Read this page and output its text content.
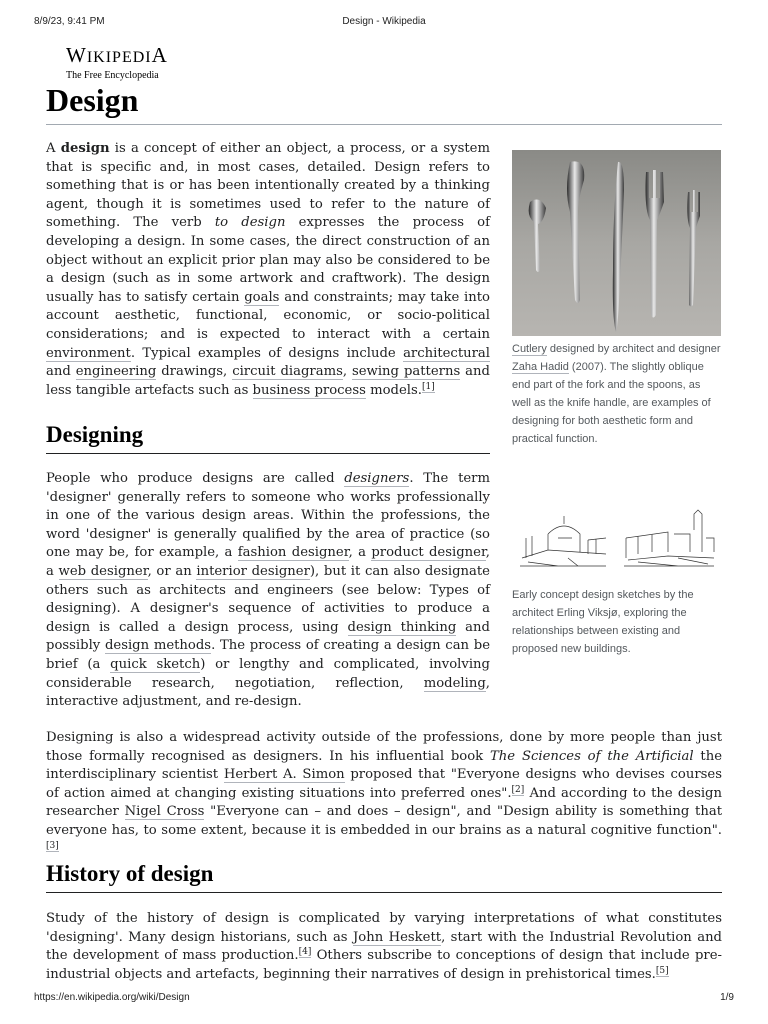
8/9/23, 9:41 PM	Design - Wikipedia
https://en.wikipedia.org/wiki/Design	1/9
WIKIPEDIA
The Free Encyclopedia
Design

A design is a concept of either an object, a process, or a system that is specific and, in most cases, detailed. Design refers to something that is or has been intentionally created by a thinking agent, though it is sometimes used to refer to the nature of something. The verb to design expresses the process of developing a design. In some cases, the direct construction of an object without an explicit prior plan may also be considered to be a design (such as in some artwork and craftwork). The design usually has to satisfy certain goals and constraints; may take into account aesthetic, functional, economic, or socio-political considerations; and is expected to interact with a certain environment. Typical examples of designs include architectural and engineering drawings, circuit diagrams, sewing patterns and less tangible artefacts such as business process models.[1]

Cutlery designed by architect and designer Zaha Hadid (2007). The slightly oblique end part of the fork and the spoons, as well as the knife handle, are examples of designing for both aesthetic form and practical function.
Designing

People who produce designs are called designers. The term 'designer' generally refers to someone who works professionally in one of the various design areas. Within the professions, the word 'designer' is generally qualified by the area of practice (so one may be, for example, a fashion designer, a product designer, a web designer, or an interior designer), but it can also designate others such as architects and engineers (see below: Types of designing). A designer's sequence of activities to produce a design is called a design process, using design thinking and possibly design methods. The process of creating a design can be brief (a quick sketch) or lengthy and complicated, involving considerable research, negotiation, reflection, modeling, interactive adjustment, and re-design.

Early concept design sketches by the architect Erling Viksjø, exploring the relationships between existing and proposed new buildings.

Designing is also a widespread activity outside of the professions, done by more people than just those formally recognised as designers. In his influential book The Sciences of the Artificial the interdisciplinary scientist Herbert A. Simon proposed that "Everyone designs who devises courses of action aimed at changing existing situations into preferred ones".[2] And according to the design researcher Nigel Cross "Everyone can – and does – design", and "Design ability is something that everyone has, to some extent, because it is embedded in our brains as a natural cognitive function".[3]

History of design

Study of the history of design is complicated by varying interpretations of what constitutes 'designing'. Many design historians, such as John Heskett, start with the Industrial Revolution and the development of mass production.[4] Others subscribe to conceptions of design that include pre-industrial objects and artefacts, beginning their narratives of design in prehistorical times.[5]
